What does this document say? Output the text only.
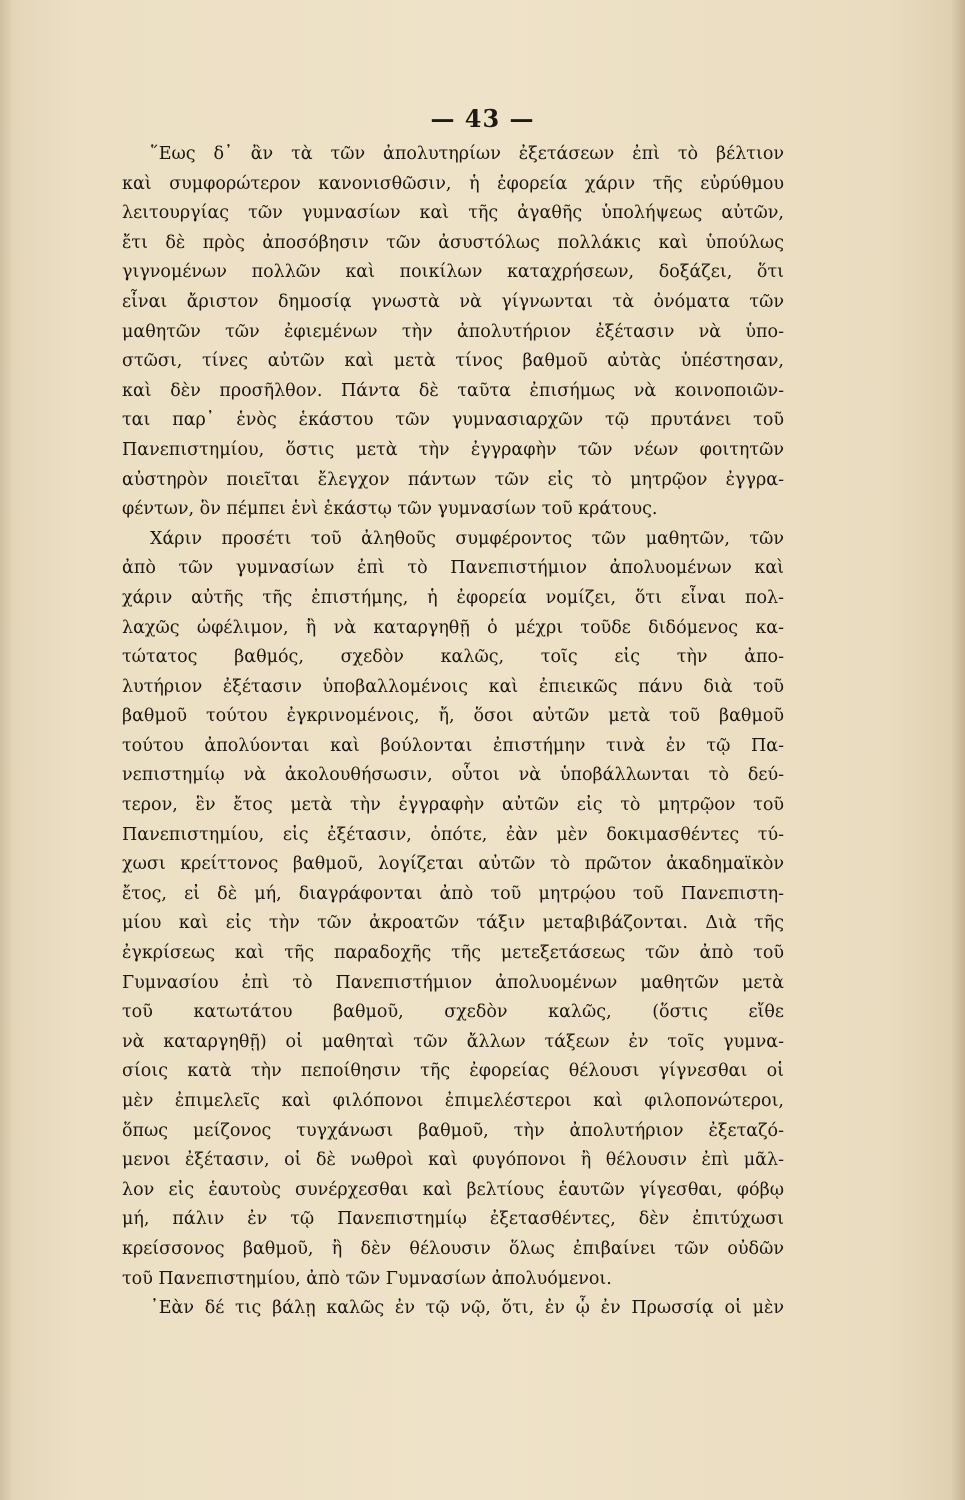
— 43 —
῞Εως δ᾽ ἂν τὰ τῶν ἀπολυτηρίων ἐξετάσεων ἐπὶ τὸ βέλτιον
καὶ συμφορώτερον κανονισθῶσιν, ἡ ἐφορεία χάριν τῆς εὐρύθμου
λειτουργίας τῶν γυμνασίων καὶ τῆς ἀγαθῆς ὑπολήψεως αὐτῶν,
ἔτι δὲ πρὸς ἀποσόβησιν τῶν ἀσυστόλως πολλάκις καὶ ὑπούλως
γιγνομένων πολλῶν καὶ ποικίλων καταχρήσεων, δοξάζει, ὅτι
εἶναι ἄριστον δημοσίᾳ γνωστὰ νὰ γίγνωνται τὰ ὀνόματα τῶν
μαθητῶν τῶν ἐφιεμένων τὴν ἀπολυτήριον ἐξέτασιν νὰ ὑπο-
στῶσι, τίνες αὐτῶν καὶ μετὰ τίνος βαθμοῦ αὐτὰς ὑπέστησαν,
καὶ δὲν προσῆλθον. Πάντα δὲ ταῦτα ἐπισήμως νὰ κοινοποιῶν-
ται παρ᾽ ἑνὸς ἑκάστου τῶν γυμνασιαρχῶν τῷ πρυτάνει τοῦ
Πανεπιστημίου, ὅστις μετὰ τὴν ἐγγραφὴν τῶν νέων φοιτητῶν
αὐστηρὸν ποιεῖται ἔλεγχον πάντων τῶν εἰς τὸ μητρῷον ἐγγρα-
φέντων, ὃν πέμπει ἑνὶ ἑκάστῳ τῶν γυμνασίων τοῦ κράτους.
Χάριν προσέτι τοῦ ἀληθοῦς συμφέροντος τῶν μαθητῶν, τῶν
ἀπὸ τῶν γυμνασίων ἐπὶ τὸ Πανεπιστήμιον ἀπολυομένων καὶ
χάριν αὐτῆς τῆς ἐπιστήμης, ἡ ἐφορεία νομίζει, ὅτι εἶναι πολ-
λαχῶς ὠφέλιμον, ἢ νὰ καταργηθῇ ὁ μέχρι τοῦδε διδόμενος κα-
τώτατος βαθμός, σχεδὸν καλῶς, τοῖς εἰς τὴν ἀπο-
λυτήριον ἐξέτασιν ὑποβαλλομένοις καὶ ἐπιεικῶς πάνυ διὰ τοῦ
βαθμοῦ τούτου ἐγκρινομένοις, ἤ, ὅσοι αὐτῶν μετὰ τοῦ βαθμοῦ
τούτου ἀπολύονται καὶ βούλονται ἐπιστήμην τινὰ ἐν τῷ Πα-
νεπιστημίῳ νὰ ἀκολουθήσωσιν, οὗτοι νὰ ὑποβάλλωνται τὸ δεύ-
τερον, ἓν ἔτος μετὰ τὴν ἐγγραφὴν αὐτῶν εἰς τὸ μητρῷον τοῦ
Πανεπιστημίου, εἰς ἐξέτασιν, ὁπότε, ἐὰν μὲν δοκιμασθέντες τύ-
χωσι κρείττονος βαθμοῦ, λογίζεται αὐτῶν τὸ πρῶτον ἀκαδημαϊκὸν
ἔτος, εἰ δὲ μή, διαγράφονται ἀπὸ τοῦ μητρῴου τοῦ Πανεπιστη-
μίου καὶ εἰς τὴν τῶν ἀκροατῶν τάξιν μεταβιβάζονται. Διὰ τῆς
ἐγκρίσεως καὶ τῆς παραδοχῆς τῆς μετεξετάσεως τῶν ἀπὸ τοῦ
Γυμνασίου ἐπὶ τὸ Πανεπιστήμιον ἀπολυομένων μαθητῶν μετὰ
τοῦ κατωτάτου βαθμοῦ, σχεδὸν καλῶς, (ὅστις εἴθε
νὰ καταργηθῇ) οἱ μαθηταὶ τῶν ἄλλων τάξεων ἐν τοῖς γυμνα-
σίοις κατὰ τὴν πεποίθησιν τῆς ἐφορείας θέλουσι γίγνεσθαι οἱ
μὲν ἐπιμελεῖς καὶ φιλόπονοι ἐπιμελέστεροι καὶ φιλοπονώτεροι,
ὅπως μείζονος τυγχάνωσι βαθμοῦ, τὴν ἀπολυτήριον ἐξεταζό-
μενοι ἐξέτασιν, οἱ δὲ νωθροὶ καὶ φυγόπονοι ἢ θέλουσιν ἐπὶ μᾶλ-
λον εἰς ἑαυτοὺς συνέρχεσθαι καὶ βελτίους ἑαυτῶν γίγεσθαι, φόβῳ
μή, πάλιν ἐν τῷ Πανεπιστημίῳ ἐξετασθέντες, δὲν ἐπιτύχωσι
κρείσσονος βαθμοῦ, ἢ δὲν θέλουσιν ὅλως ἐπιβαίνει τῶν οὐδῶν
τοῦ Πανεπιστημίου, ἀπὸ τῶν Γυμνασίων ἀπολυόμενοι.
᾽Εὰν δέ τις βάλῃ καλῶς ἐν τῷ νῷ, ὅτι, ἐν ᾧ ἐν Πρωσσίᾳ οἱ μὲν
